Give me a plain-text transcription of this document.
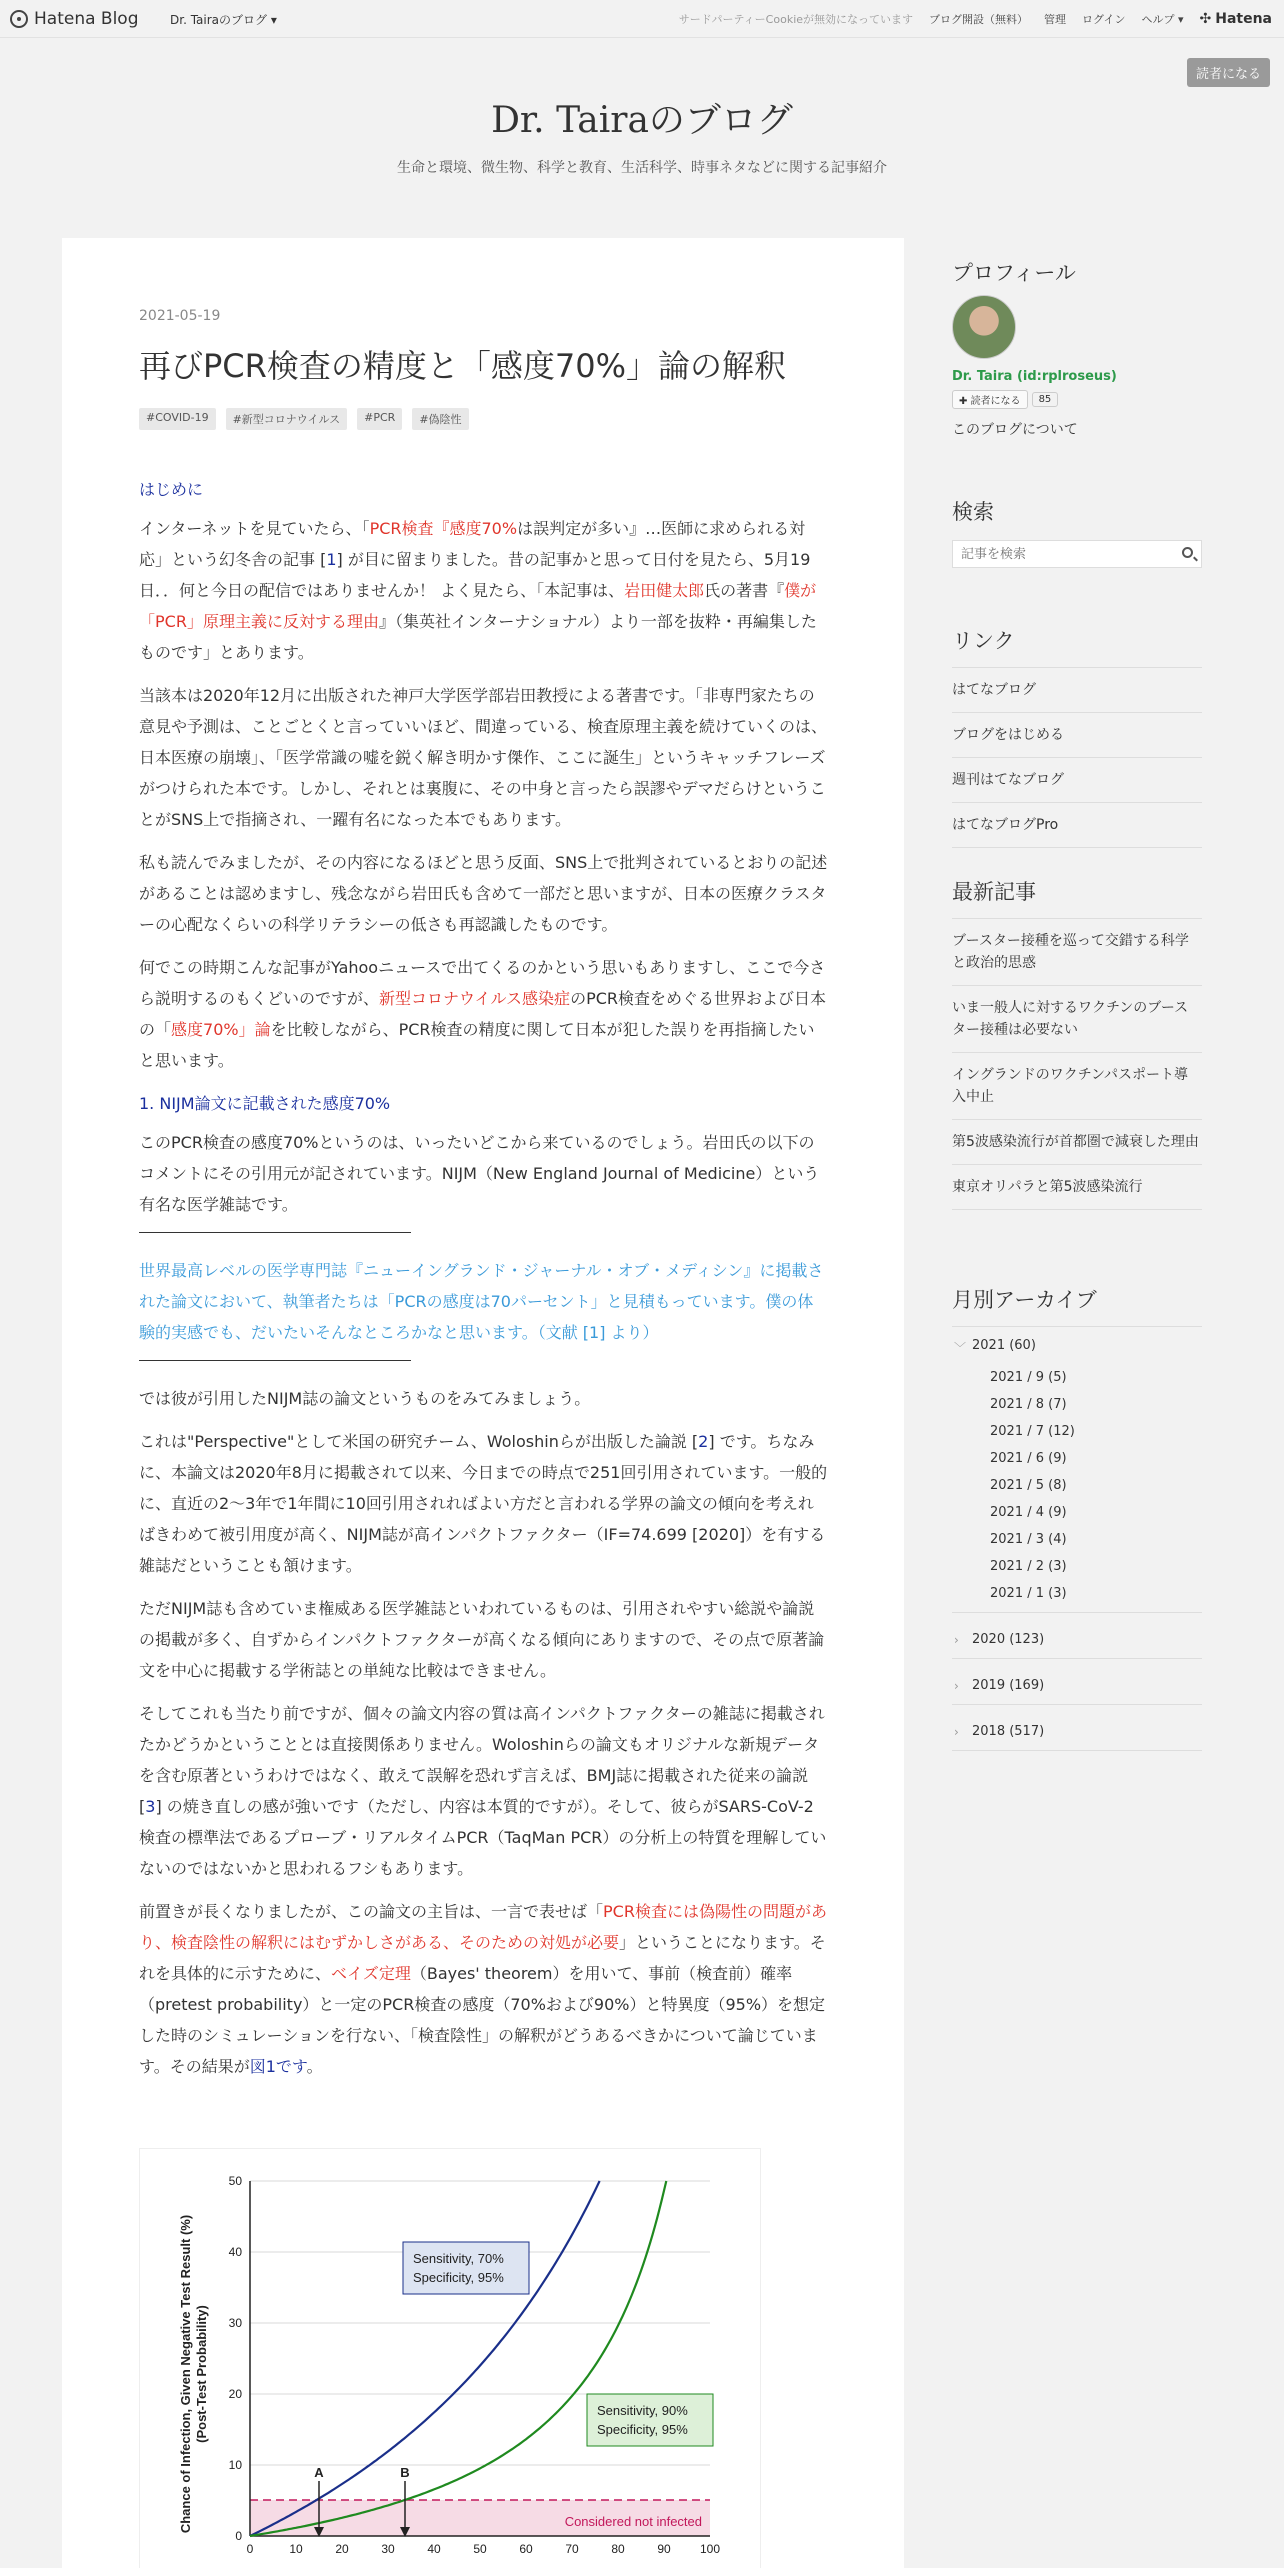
Hatena Blog	Dr. Tairaのブログ ▾	サードパーティーCookieが無効になっています ブログ開設（無料） 管理 ログイン ヘルプ ▾ ✣ Hatena
読者になる
Dr. Tairaのブログ
生命と環境、微生物、科学と教育、生活科学、時事ネタなどに関する記事紹介
2021-05-19
再びPCR検査の精度と「感度70%」論の解釈
#COVID-19	#新型コロナウイルス	#PCR	#偽陰性

はじめに

インターネットを見ていたら、「PCR検査『感度70%は誤判定が多い』…医師に求められる対応」という幻冬舎の記事 [1] が目に留まりました。昔の記事かと思って日付を見たら、5月19日．．何と今日の配信ではありませんか！ よく見たら、「本記事は、岩田健太郎氏の著書『僕が「PCR」原理主義に反対する理由』（集英社インターナショナル）より一部を抜粋・再編集したものです」とあります。

当該本は2020年12月に出版された神戸大学医学部岩田教授による著書です。「非専門家たちの意見や予測は、ことごとくと言っていいほど、間違っている、検査原理主義を続けていくのは、日本医療の崩壊」、「医学常識の嘘を鋭く解き明かす傑作、ここに誕生」というキャッチフレーズがつけられた本です。しかし、それとは裏腹に、その中身と言ったら誤謬やデマだらけということがSNS上で指摘され、一躍有名になった本でもあります。

私も読んでみましたが、その内容になるほどと思う反面、SNS上で批判されているとおりの記述があることは認めますし、残念ながら岩田氏も含めて一部だと思いますが、日本の医療クラスターの心配なくらいの科学リテラシーの低さも再認識したものです。

何でこの時期こんな記事がYahooニュースで出てくるのかという思いもありますし、ここで今さら説明するのもくどいのですが、新型コロナウイルス感染症のPCR検査をめぐる世界および日本の「感度70%」論を比較しながら、PCR検査の精度に関して日本が犯した誤りを再指摘したいと思います。

1. NIJM論文に記載された感度70%

このPCR検査の感度70%というのは、いったいどこから来ているのでしょう。岩田氏の以下のコメントにその引用元が記されています。NIJM（New England Journal of Medicine）という有名な医学雑誌です。

世界最高レベルの医学専門誌『ニューイングランド・ジャーナル・オブ・メディシン』に掲載された論文において、執筆者たちは「PCRの感度は70パーセント」と見積もっています。僕の体験的実感でも、だいたいそんなところかなと思います。（文献 [1] より）

では彼が引用したNIJM誌の論文というものをみてみましょう。

これは"Perspective"として米国の研究チーム、Woloshinらが出版した論説 [2] です。ちなみに、本論文は2020年8月に掲載されて以来、今日までの時点で251回引用されています。一般的に、直近の2〜3年で1年間に10回引用されればよい方だと言われる学界の論文の傾向を考えればきわめて被引用度が高く、NIJM誌が高インパクトファクター（IF=74.699 [2020]）を有する雑誌だということも頷けます。

ただNIJM誌も含めていま権威ある医学雑誌といわれているものは、引用されやすい総説や論説の掲載が多く、自ずからインパクトファクターが高くなる傾向にありますので、その点で原著論文を中心に掲載する学術誌との単純な比較はできません。

そしてこれも当たり前ですが、個々の論文内容の質は高インパクトファクターの雑誌に掲載されたかどうかということとは直接関係ありません。Woloshinらの論文もオリジナルな新規データを含む原著というわけではなく、敢えて誤解を恐れず言えば、BMJ誌に掲載された従来の論説 [3] の焼き直しの感が強いです（ただし、内容は本質的ですが）。そして、彼らがSARS-CoV-2検査の標準法であるプローブ・リアルタイムPCR（TaqMan PCR）の分析上の特質を理解していないのではないかと思われるフシもあります。

前置きが長くなりましたが、この論文の主旨は、一言で表せば「PCR検査には偽陽性の問題があり、検査陰性の解釈にはむずかしさがある、そのための対処が必要」ということになります。それを具体的に示すために、ベイズ定理（Bayes' theorem）を用いて、事前（検査前）確率（pretest probability）と一定のPCR検査の感度（70%および90%）と特異度（95%）を想定した時のシミュレーションを行ない、「検査陰性」の解釈がどうあるべきかについて論じています。その結果が図1です。

Chance of Infection, Given Negative Test Result (%) (Post-Test Probability)
Considered not infected
0
10
20
30
40
50
0	10	20	30	40	50	60	70	80	90 100
A	B
Sensitivity, 70%
Specificity, 95%
Sensitivity, 90%
Specificity, 95%
プロフィール
Dr. Taira (id:rplroseus)
✚ 読者になる	85
このブログについて
検索
記事を検索
リンク
はてなブログ
ブログをはじめる
週刊はてなブログ
はてなブログPro
最新記事
ブースター接種を巡って交錯する科学と政治的思惑
いま一般人に対するワクチンのブースター接種は必要ない
イングランドのワクチンパスポート導入中止
第5波感染流行が首都圏で減衰した理由
東京オリパラと第5波感染流行
月別アーカイブ
﹀ 2021 (60)
2021 / 9 (5)
2021 / 8 (7)
2021 / 7 (12)
2021 / 6 (9)
2021 / 5 (8)
2021 / 4 (9)
2021 / 3 (4)
2021 / 2 (3)
2021 / 1 (3)
› 2020 (123)
› 2019 (169)
› 2018 (517)
